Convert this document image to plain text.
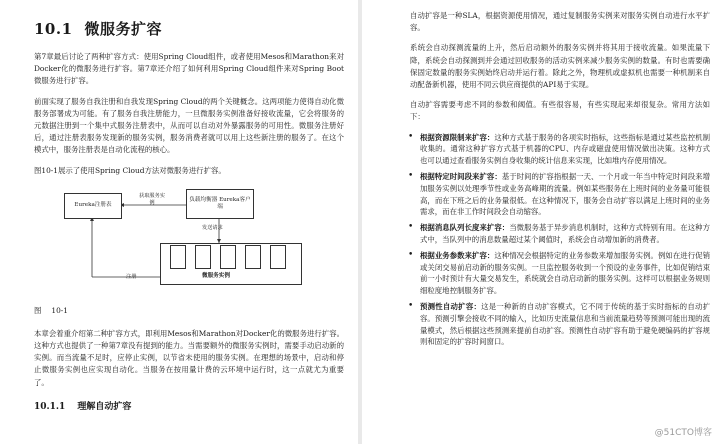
10.1 微服务扩容

第7章最后讨论了两种扩容方式：使用Spring Cloud组件，或者使用Mesos和Marathon来对Docker化的微服务进行扩容。第7章还介绍了如何利用Spring Cloud组件来对Spring Boot微服务进行扩容。

前面实现了服务自我注册和自我发现Spring Cloud的两个关键概念。这两项能力使得自动化微服务部署成为可能。有了服务自我注册能力，一旦微服务实例准备好接收流量，它会将服务的元数据注册到一个集中式服务注册表中，从而可以自动对外暴露服务的可用性。微服务注册好后，通过注册表服务发现新的服务实例，服务消费者就可以用上这些新注册的服务了。在这个模式中，服务注册表是自动化流程的核心。

图10-1展示了使用Spring Cloud方法对微服务进行扩容。

Eureka注册表
获取服务实例	负载均衡器 Eureka客户端
发送请求
微服务实例
注册
图 10-1

本章会着重介绍第二种扩容方式，即利用Mesos和Marathon对Docker化的微服务进行扩容。这种方式也提供了一种第7章没有提到的能力。当需要额外的微服务实例时，需要手动启动新的实例。而当流量不足时，应停止实例，以节省未使用的服务实例。在理想的场景中，启动和停止微服务实例也应实现自动化。当服务在按用量计费的云环境中运行时，这一点就尤为重要了。

10.1.1 理解自动扩容

自动扩容是一种SLA，根据资源使用情况，通过复制服务实例来对服务实例自动进行水平扩容。

系统会自动探测流量的上升，然后启动额外的服务实例并将其用于接收流量。如果流量下降，系统会自动探测到并会通过回收服务的活动实例来减少服务实例的数量。有时也需要确保固定数量的服务实例始终启动并运行着。除此之外，物理机或虚拟机也需要一种机制来自动配备新机器，使用不同云供应商提供的API易于实现。

自动扩容需要考虑不同的参数和阈值。有些很容易，有些实现起来却很复杂。常用方法如下：

• 根据资源限制来扩容：这种方式基于服务的各项实时指标，这些指标是通过某些监控机制收集的。通常这种扩容方式基于机器的CPU、内存或磁盘使用情况做出决策。这种方式也可以通过查看服务实例自身收集的统计信息来实现，比如堆内存使用情况。
• 根据特定时间段来扩容：基于时间的扩容指根据一天、一个月或一年当中特定时间段来增加服务实例以处理季节性或业务高峰期的流量。例如某些服务在上班时间的业务量可能很高，而在下班之后的业务量很低。在这种情况下，服务会自动扩容以满足上班时间的业务需求，而在非工作时间段会自动缩容。
• 根据消息队列长度来扩容：当微服务基于异步消息机制时，这种方式特别有用。在这种方式中，当队列中的消息数量超过某个阈值时，系统会自动增加新的消费者。
• 根据业务参数来扩容：这种情况会根据特定的业务参数来增加服务实例。例如在进行促销或关闭交易前启动新的服务实例。一旦监控服务收到一个预设的业务事件，比如促销结束前一小时预计有大量交易发生，系统就会自动启动新的服务实例。这样可以根据业务规则细粒度地控制服务扩容。
• 预测性自动扩容：这是一种新的自动扩容模式，它不同于传统的基于实时指标的自动扩容。预测引擎会接收不同的输入，比如历史流量信息和当前流量趋势等预测可能出现的流量模式，然后根据这些预测来提前自动扩容。预测性自动扩容有助于避免硬编码的扩容规则和固定的扩容时间窗口。
@51CTO博客
